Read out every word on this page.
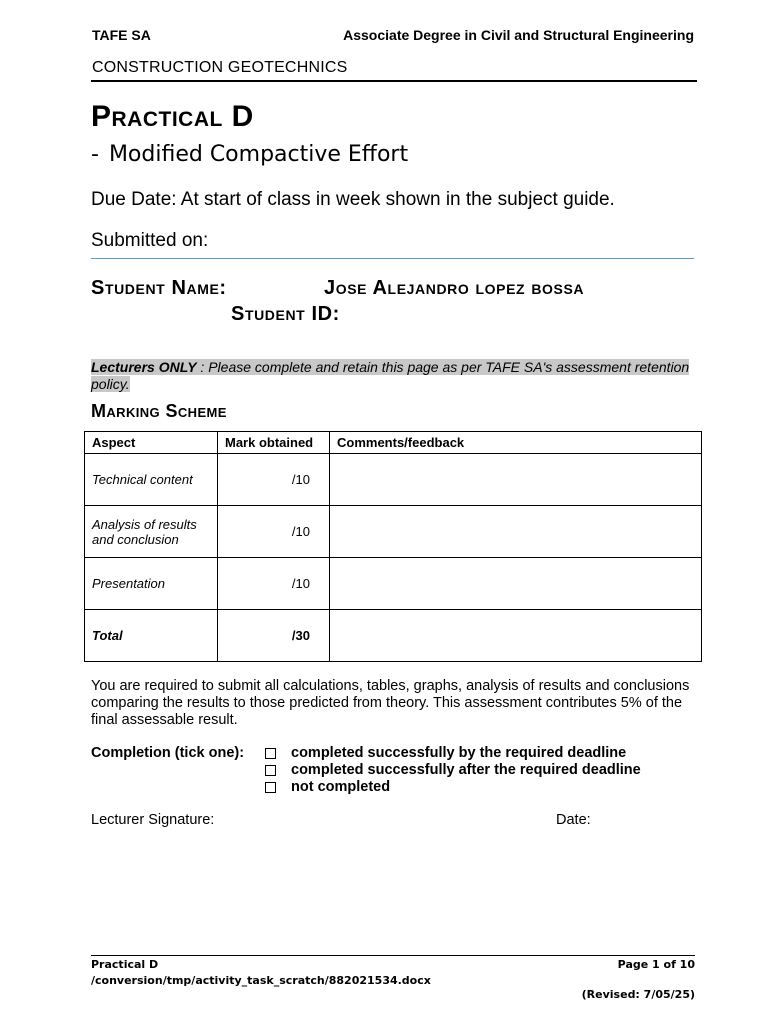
TAFE SA	Associate Degree in Civil and Structural Engineering
CONSTRUCTION GEOTECHNICS
Practical D
- Modified Compactive Effort
Due Date: At start of class in week shown in the subject guide.
Submitted on:
Student Name:	Jose Alejandro lopez bossa
Student ID:
Lecturers ONLY : Please complete and retain this page as per TAFE SA's assessment retention policy.
Marking Scheme
Aspect	Mark obtained	Comments/feedback
Technical content	/10	
Analysis of results and conclusion	/10	
Presentation	/10	
Total	/30	
You are required to submit all calculations, tables, graphs, analysis of results and conclusions comparing the results to those predicted from theory. This assessment contributes 5% of the final assessable result.
Completion (tick one):	completed successfully by the required deadline
completed successfully after the required deadline
not completed
Lecturer Signature:	Date:
Practical D
/conversion/tmp/activity_task_scratch/882021534.docx
Page 1 of 10
(Revised: 7/05/25)
